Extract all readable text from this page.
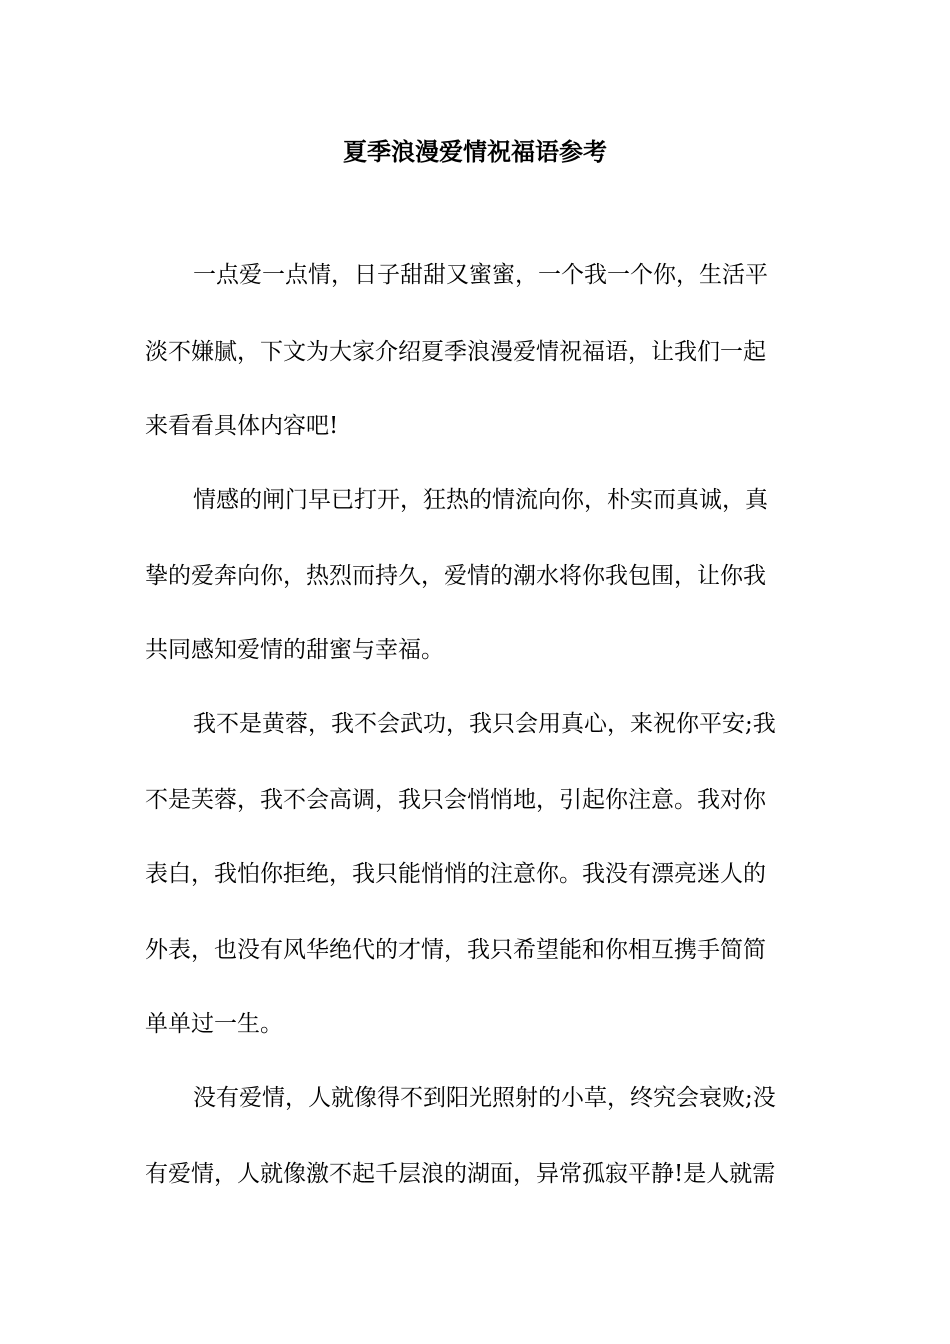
夏季浪漫爱情祝福语参考
一点爱一点情，日子甜甜又蜜蜜，一个我一个你，生活平
淡不嫌腻，下文为大家介绍夏季浪漫爱情祝福语，让我们一起
来看看具体内容吧!
情感的闸门早已打开，狂热的情流向你，朴实而真诚，真
挚的爱奔向你，热烈而持久，爱情的潮水将你我包围，让你我
共同感知爱情的甜蜜与幸福。
我不是黄蓉，我不会武功，我只会用真心，来祝你平安;我
不是芙蓉，我不会高调，我只会悄悄地，引起你注意。我对你
表白，我怕你拒绝，我只能悄悄的注意你。我没有漂亮迷人的
外表，也没有风华绝代的才情，我只希望能和你相互携手简简
单单过一生。
没有爱情，人就像得不到阳光照射的小草，终究会衰败;没
有爱情，人就像激不起千层浪的湖面，异常孤寂平静!是人就需
